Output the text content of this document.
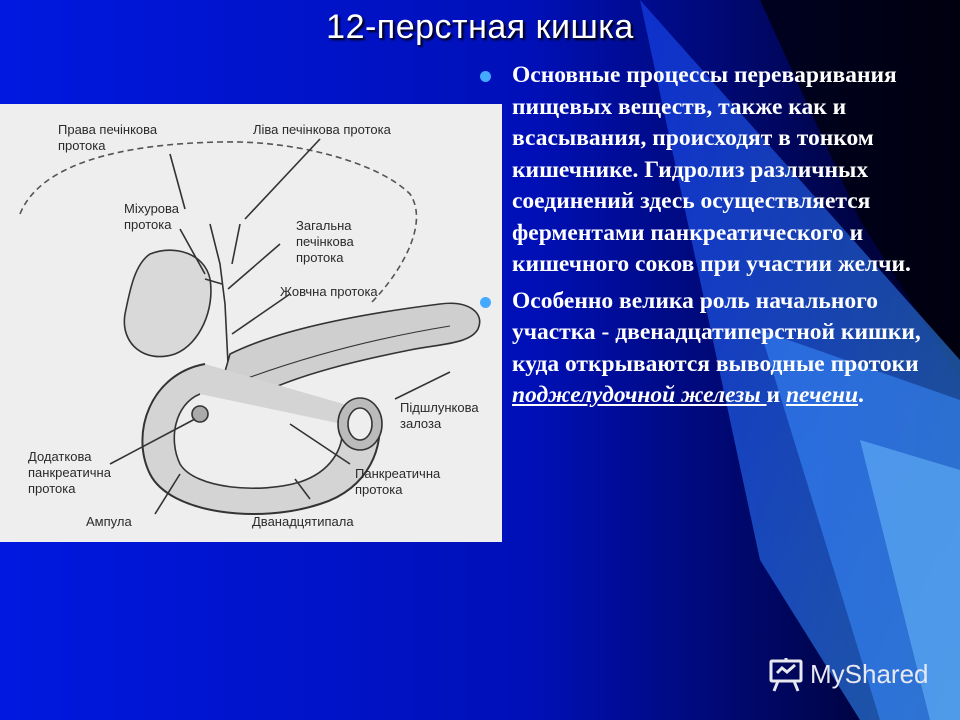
12-перстная кишка
Права печінкова
протока
Ліва печінкова протока
Міхурова
протока	Загальна
печінкова
протока
Жовчна протока
Підшлункова
залоза
Додаткова
панкреатична
протока
Панкреатична
протока
Ампула	Дванадцятипала
Основные процессы переваривания пищевых веществ, также как и всасывания, происходят в тонком кишечнике. Гидролиз различных соединений здесь осуществляется ферментами панкреатического и кишечного соков при участии желчи.
Особенно велика роль начального участка - двенадцатиперстной кишки, куда открываются выводные протоки поджелудочной железы и печени.
MyShared
